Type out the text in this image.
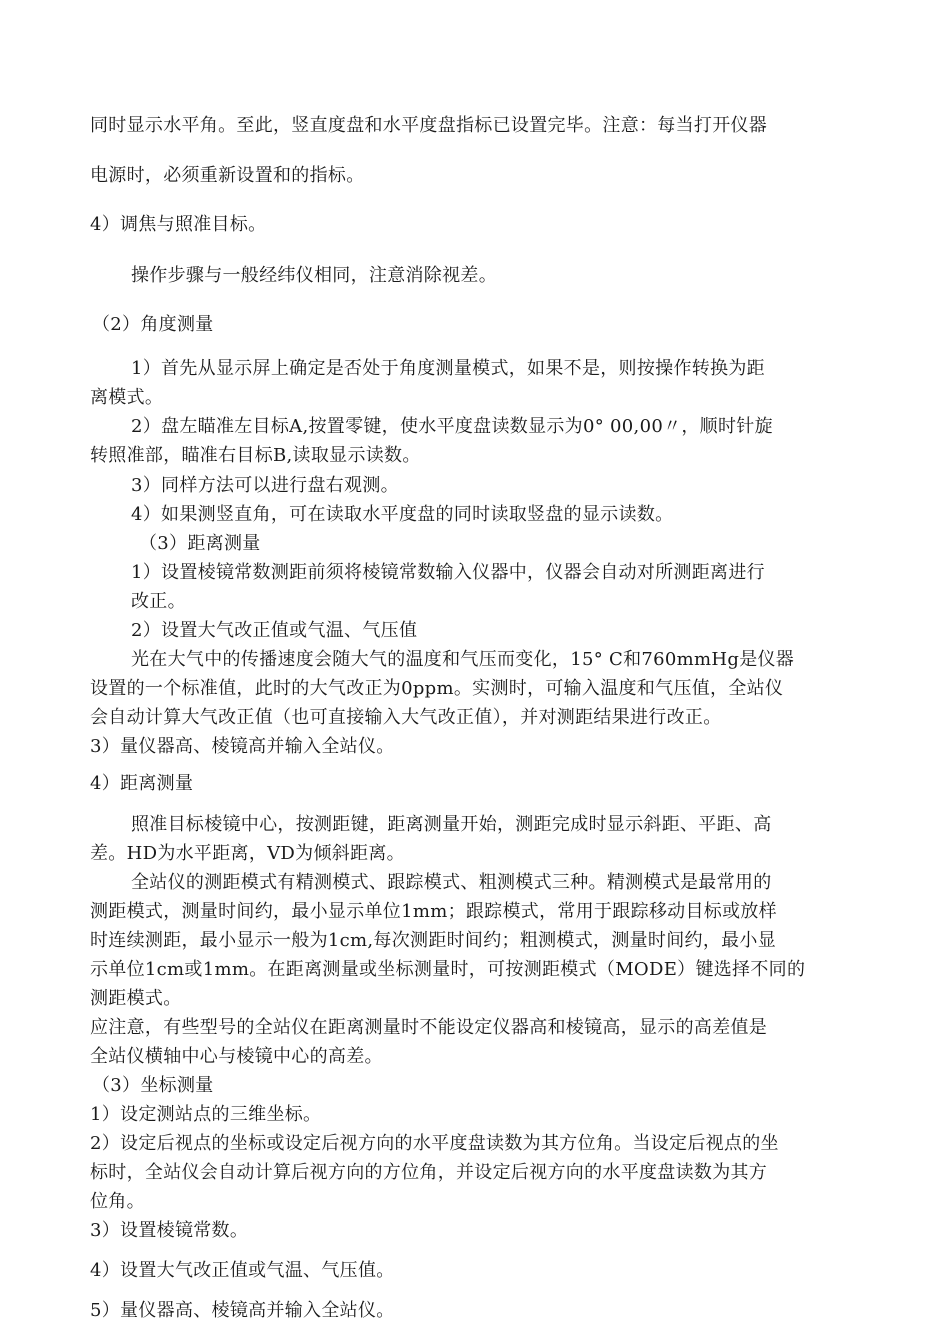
同时显示水平角。至此，竖直度盘和水平度盘指标已设置完毕。注意：每当打开仪器
电源时，必须重新设置和的指标。
4）调焦与照准目标。
操作步骤与一般经纬仪相同，注意消除视差。
（2）角度测量
1）首先从显示屏上确定是否处于角度测量模式，如果不是，则按操作转换为距
离模式。
2）盘左瞄准左目标A,按置零键，使水平度盘读数显示为0° 00,00〃，顺时针旋
转照准部，瞄准右目标B,读取显示读数。
3）同样方法可以进行盘右观测。
4）如果测竖直角，可在读取水平度盘的同时读取竖盘的显示读数。
（3）距离测量
1）设置棱镜常数测距前须将棱镜常数输入仪器中，仪器会自动对所测距离进行
改正。
2）设置大气改正值或气温、气压值
光在大气中的传播速度会随大气的温度和气压而变化，15° C和760mmHg是仪器
设置的一个标准值，此时的大气改正为0ppm。实测时，可输入温度和气压值，全站仪
会自动计算大气改正值（也可直接输入大气改正值），并对测距结果进行改正。
3）量仪器高、棱镜高并输入全站仪。
4）距离测量
照准目标棱镜中心，按测距键，距离测量开始，测距完成时显示斜距、平距、高
差。HD为水平距离，VD为倾斜距离。
全站仪的测距模式有精测模式、跟踪模式、粗测模式三种。精测模式是最常用的
测距模式，测量时间约，最小显示单位1mm；跟踪模式，常用于跟踪移动目标或放样
时连续测距，最小显示一般为1cm,每次测距时间约；粗测模式，测量时间约，最小显
示单位1cm或1mm。在距离测量或坐标测量时，可按测距模式（MODE）键选择不同的
测距模式。
应注意，有些型号的全站仪在距离测量时不能设定仪器高和棱镜高，显示的高差值是
全站仪横轴中心与棱镜中心的高差。
（3）坐标测量
1）设定测站点的三维坐标。
2）设定后视点的坐标或设定后视方向的水平度盘读数为其方位角。当设定后视点的坐
标时，全站仪会自动计算后视方向的方位角，并设定后视方向的水平度盘读数为其方
位角。
3）设置棱镜常数。
4）设置大气改正值或气温、气压值。
5）量仪器高、棱镜高并输入全站仪。
